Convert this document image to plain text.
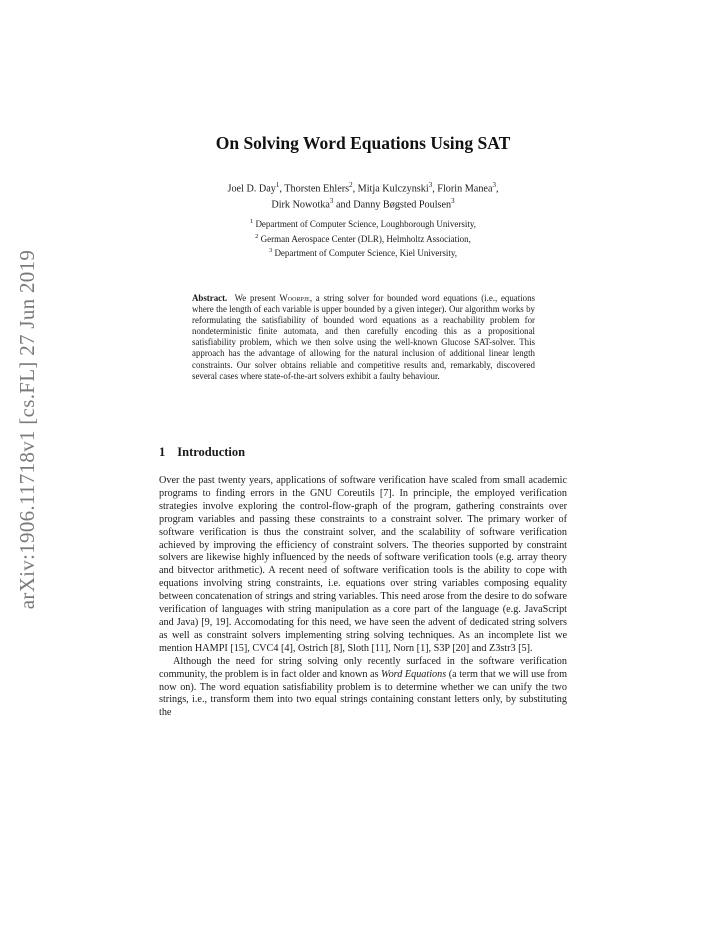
arXiv:1906.11718v1 [cs.FL] 27 Jun 2019
On Solving Word Equations Using SAT
Joel D. Day$^1$, Thorsten Ehlers$^2$, Mitja Kulczynski$^3$, Florin Manea$^3$,
Dirk Nowotka$^3$ and Danny Bøgsted Poulsen$^3$
$^1$ Department of Computer Science, Loughborough University,
$^2$ German Aerospace Center (DLR), Helmholtz Association,
$^3$ Department of Computer Science, Kiel University,
Abstract. We present Woorpje, a string solver for bounded word equations (i.e., equations where the length of each variable is upper bounded by a given integer). Our algorithm works by reformulating the satisfiability of bounded word equations as a reachability problem for nondeterministic finite automata, and then carefully encoding this as a propositional satisfiability problem, which we then solve using the well-known Glucose SAT-solver. This approach has the advantage of allowing for the natural inclusion of additional linear length constraints. Our solver obtains reliable and competitive results and, remarkably, discovered several cases where state-of-the-art solvers exhibit a faulty behaviour.
1 Introduction

Over the past twenty years, applications of software verification have scaled from small academic programs to finding errors in the GNU Coreutils [7]. In principle, the employed verification strategies involve exploring the control-flow-graph of the program, gathering constraints over program variables and passing these constraints to a constraint solver. The primary worker of software verification is thus the constraint solver, and the scalability of software verification achieved by improving the efficiency of constraint solvers. The theories supported by constraint solvers are likewise highly influenced by the needs of software verification tools (e.g. array theory and bitvector arithmetic). A recent need of software verification tools is the ability to cope with equations involving string constraints, i.e. equations over string variables composing equality between concatenation of strings and string variables. This need arose from the desire to do sofware verification of languages with string manipulation as a core part of the language (e.g. JavaScript and Java) [9, 19]. Accomodating for this need, we have seen the advent of dedicated string solvers as well as constraint solvers implementing string solving techniques. As an incomplete list we mention HAMPI [15], CVC4 [4], Ostrich [8], Sloth [11], Norn [1], S3P [20] and Z3str3 [5].

Although the need for string solving only recently surfaced in the software verification community, the problem is in fact older and known as Word Equations (a term that we will use from now on). The word equation satisfiability problem is to determine whether we can unify the two strings, i.e., transform them into two equal strings containing constant letters only, by substituting the
